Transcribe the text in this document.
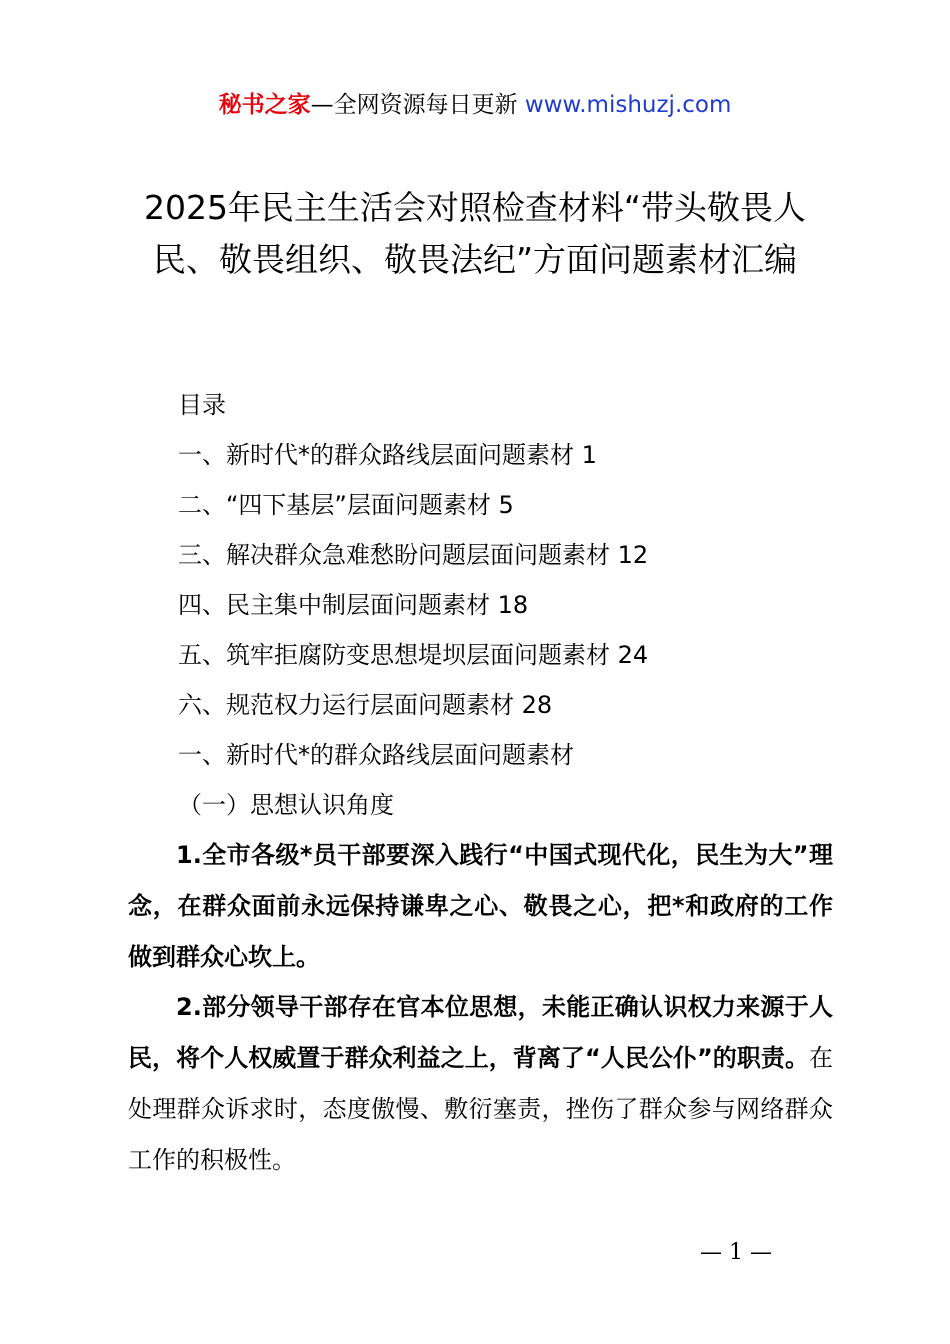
秘书之家—全网资源每日更新 www.mishuzj.com
2025年民主生活会对照检查材料“带头敬畏人民、敬畏组织、敬畏法纪”方面问题素材汇编
目录
一、新时代*的群众路线层面问题素材 1
二、“四下基层”层面问题素材 5
三、解决群众急难愁盼问题层面问题素材 12
四、民主集中制层面问题素材 18
五、筑牢拒腐防变思想堤坝层面问题素材 24
六、规范权力运行层面问题素材 28
一、新时代*的群众路线层面问题素材
（一）思想认识角度

1.全市各级*员干部要深入践行“中国式现代化，民生为大”理念，在群众面前永远保持谦卑之心、敬畏之心，把*和政府的工作做到群众心坎上。

2.部分领导干部存在官本位思想，未能正确认识权力来源于人民，将个人权威置于群众利益之上，背离了“人民公仆”的职责。在处理群众诉求时，态度傲慢、敷衍塞责，挫伤了群众参与网络群众工作的积极性。

— 1 —
